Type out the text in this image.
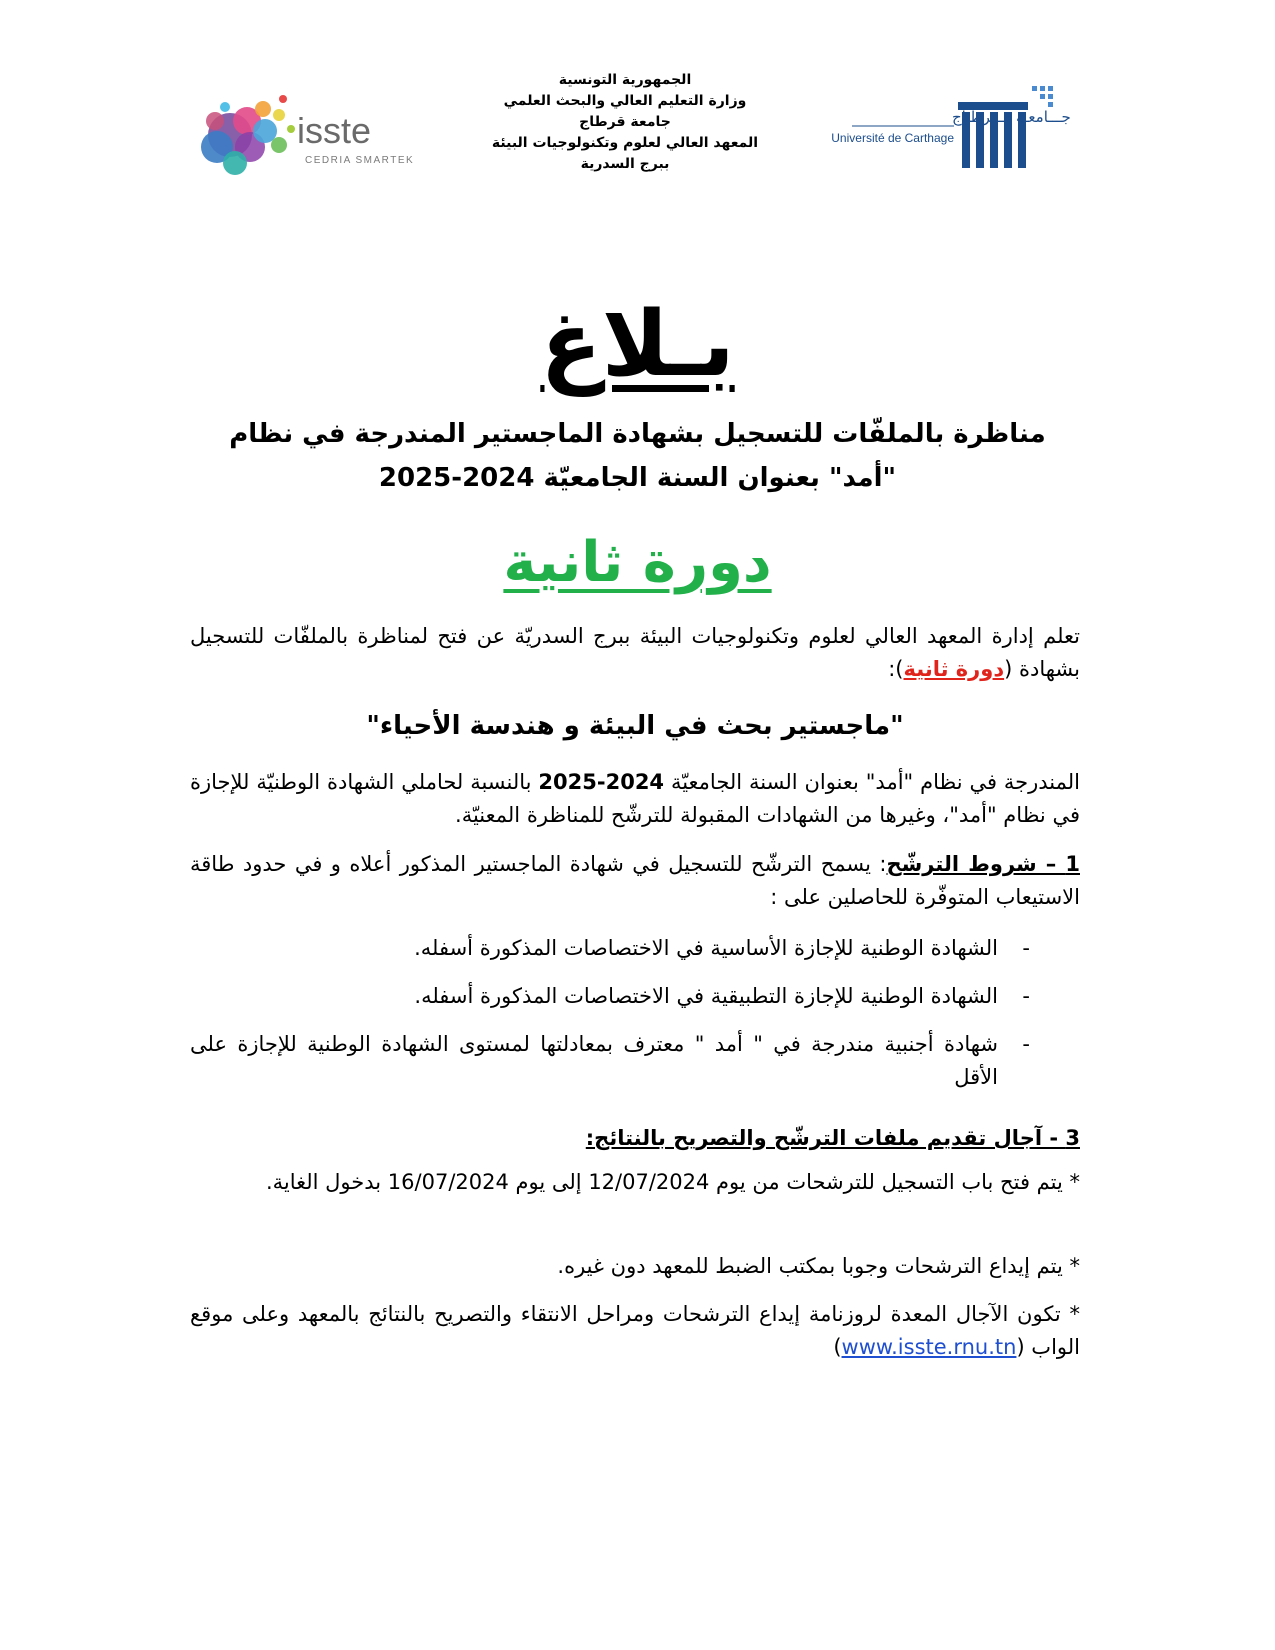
isste
CEDRIA SMARTEK
الجمهورية التونسية
وزارة التعليم العالي والبحث العلمي
جامعة قرطاج
المعهد العالي لعلوم وتكنولوجيات البيئة
ببرج السدرية
جـــامعـة قـــرطـاج
Université de Carthage
بـلاغ
مناظرة بالملفّات للتسجيل بشهادة الماجستير المندرجة في نظام
"أمد" بعنوان السنة الجامعيّة 2024-2025
دورة ثانية
تعلم إدارة المعهد العالي لعلوم وتكنولوجيات البيئة ببرج السدريّة عن فتح لمناظرة بالملفّات للتسجيل بشهادة (دورة ثانية):
"ماجستير بحث في البيئة و هندسة الأحياء"
المندرجة في نظام "أمد" بعنوان السنة الجامعيّة 2024-2025 بالنسبة لحاملي الشهادة الوطنيّة للإجازة في نظام "أمد"، وغيرها من الشهادات المقبولة للترشّح للمناظرة المعنيّة.
1 – شروط الترشّح: يسمح الترشّح للتسجيل في شهادة الماجستير المذكور أعلاه و في حدود طاقة الاستيعاب المتوفّرة للحاصلين على :
-
الشهادة الوطنية للإجازة الأساسية في الاختصاصات المذكورة أسفله.
-
الشهادة الوطنية للإجازة التطبيقية في الاختصاصات المذكورة أسفله.
-
شهادة أجنبية مندرجة في " أمد " معترف بمعادلتها لمستوى الشهادة الوطنية للإجازة على الأقل
3 - آجال تقديم ملفات الترشّح والتصريح بالنتائج:
* يتم فتح باب التسجيل للترشحات من يوم 12/07/2024 إلى يوم 16/07/2024 بدخول الغاية.
* يتم إيداع الترشحات وجوبا بمكتب الضبط للمعهد دون غيره.
* تكون الآجال المعدة لروزنامة إيداع الترشحات ومراحل الانتقاء والتصريح بالنتائج بالمعهد وعلى موقع الواب (www.isste.rnu.tn)
